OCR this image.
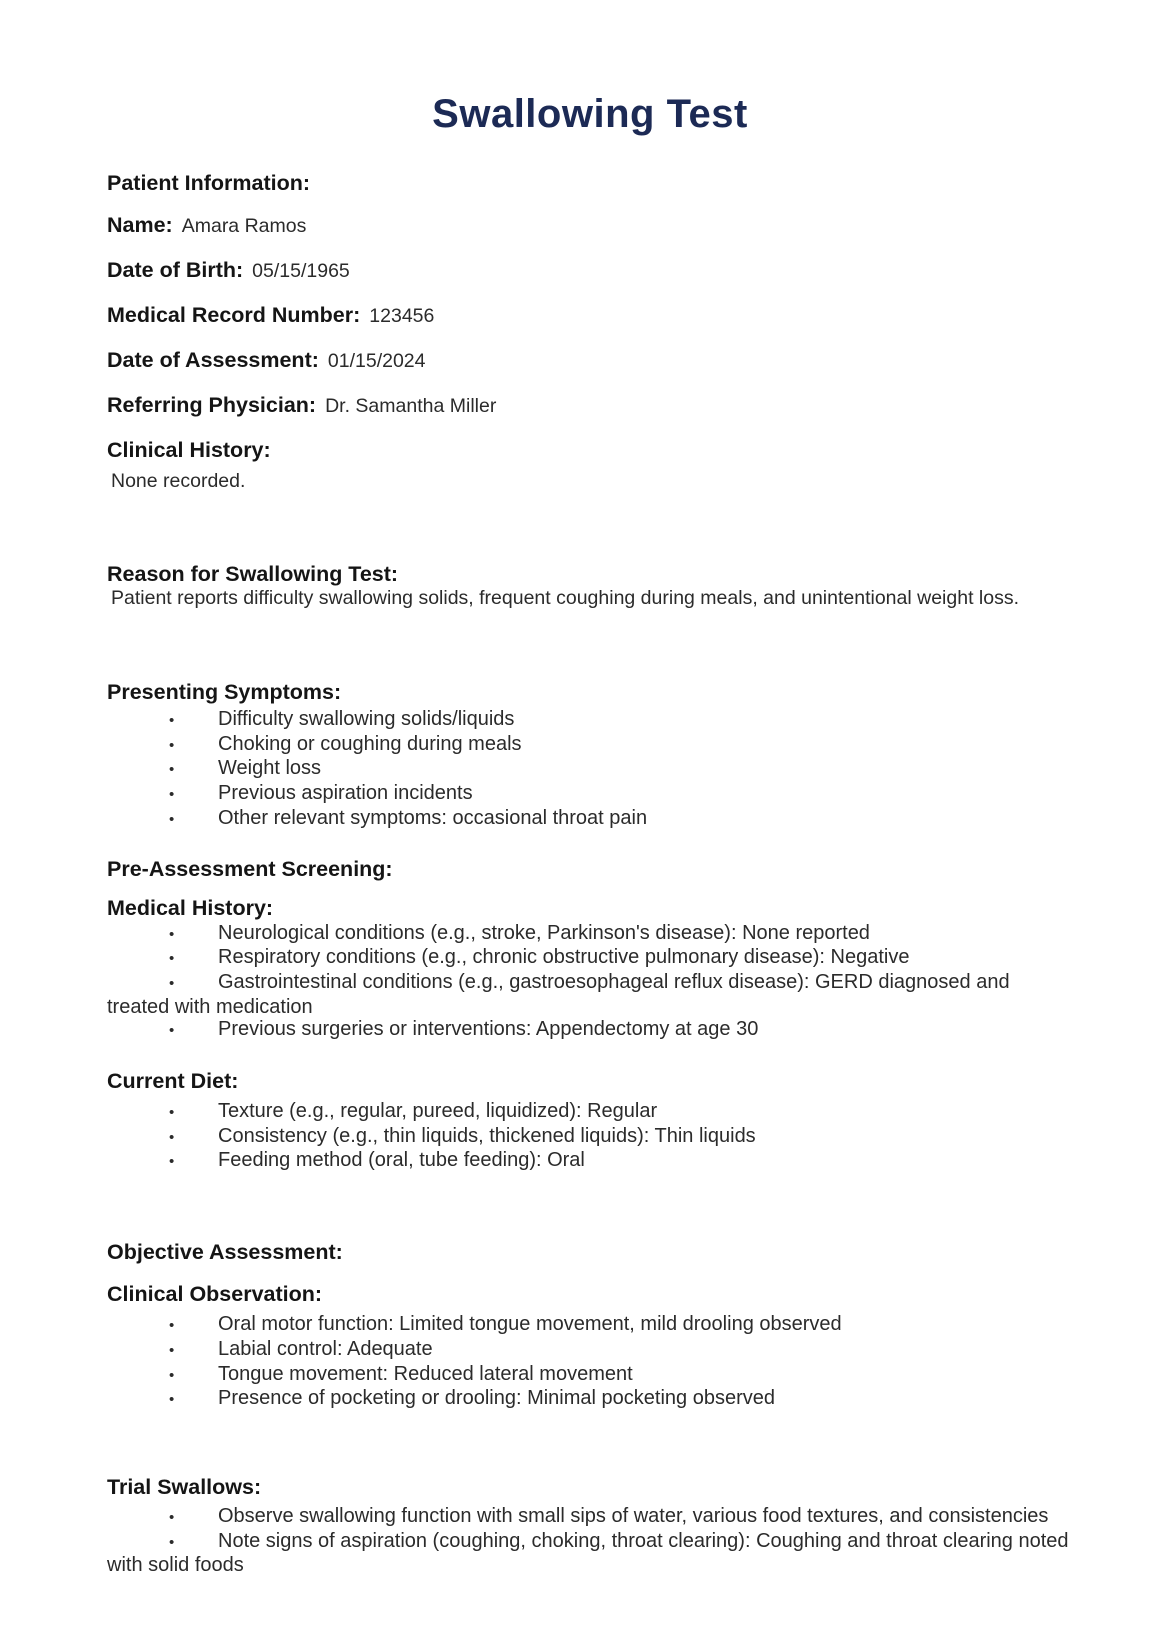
Swallowing Test
Patient Information:
Name: Amara Ramos
Date of Birth: 05/15/1965
Medical Record Number: 123456
Date of Assessment: 01/15/2024
Referring Physician: Dr. Samantha Miller
Clinical History:

None recorded.

Reason for Swallowing Test:

Patient reports difficulty swallowing solids, frequent coughing during meals, and unintentional weight loss.

Presenting Symptoms:

•Difficulty swallowing solids/liquids

•Choking or coughing during meals

•Weight loss

•Previous aspiration incidents

•Other relevant symptoms: occasional throat pain

Pre-Assessment Screening:
Medical History:

•Neurological conditions (e.g., stroke, Parkinson's disease): None reported

•Respiratory conditions (e.g., chronic obstructive pulmonary disease): Negative

•Gastrointestinal conditions (e.g., gastroesophageal reflux disease): GERD diagnosed and treated with medication

•Previous surgeries or interventions: Appendectomy at age 30

Current Diet:

•Texture (e.g., regular, pureed, liquidized): Regular

•Consistency (e.g., thin liquids, thickened liquids): Thin liquids

•Feeding method (oral, tube feeding): Oral

Objective Assessment:
Clinical Observation:

•Oral motor function: Limited tongue movement, mild drooling observed

•Labial control: Adequate

•Tongue movement: Reduced lateral movement

•Presence of pocketing or drooling: Minimal pocketing observed

Trial Swallows:

•Observe swallowing function with small sips of water, various food textures, and consistencies

•Note signs of aspiration (coughing, choking, throat clearing): Coughing and throat clearing noted with solid foods
